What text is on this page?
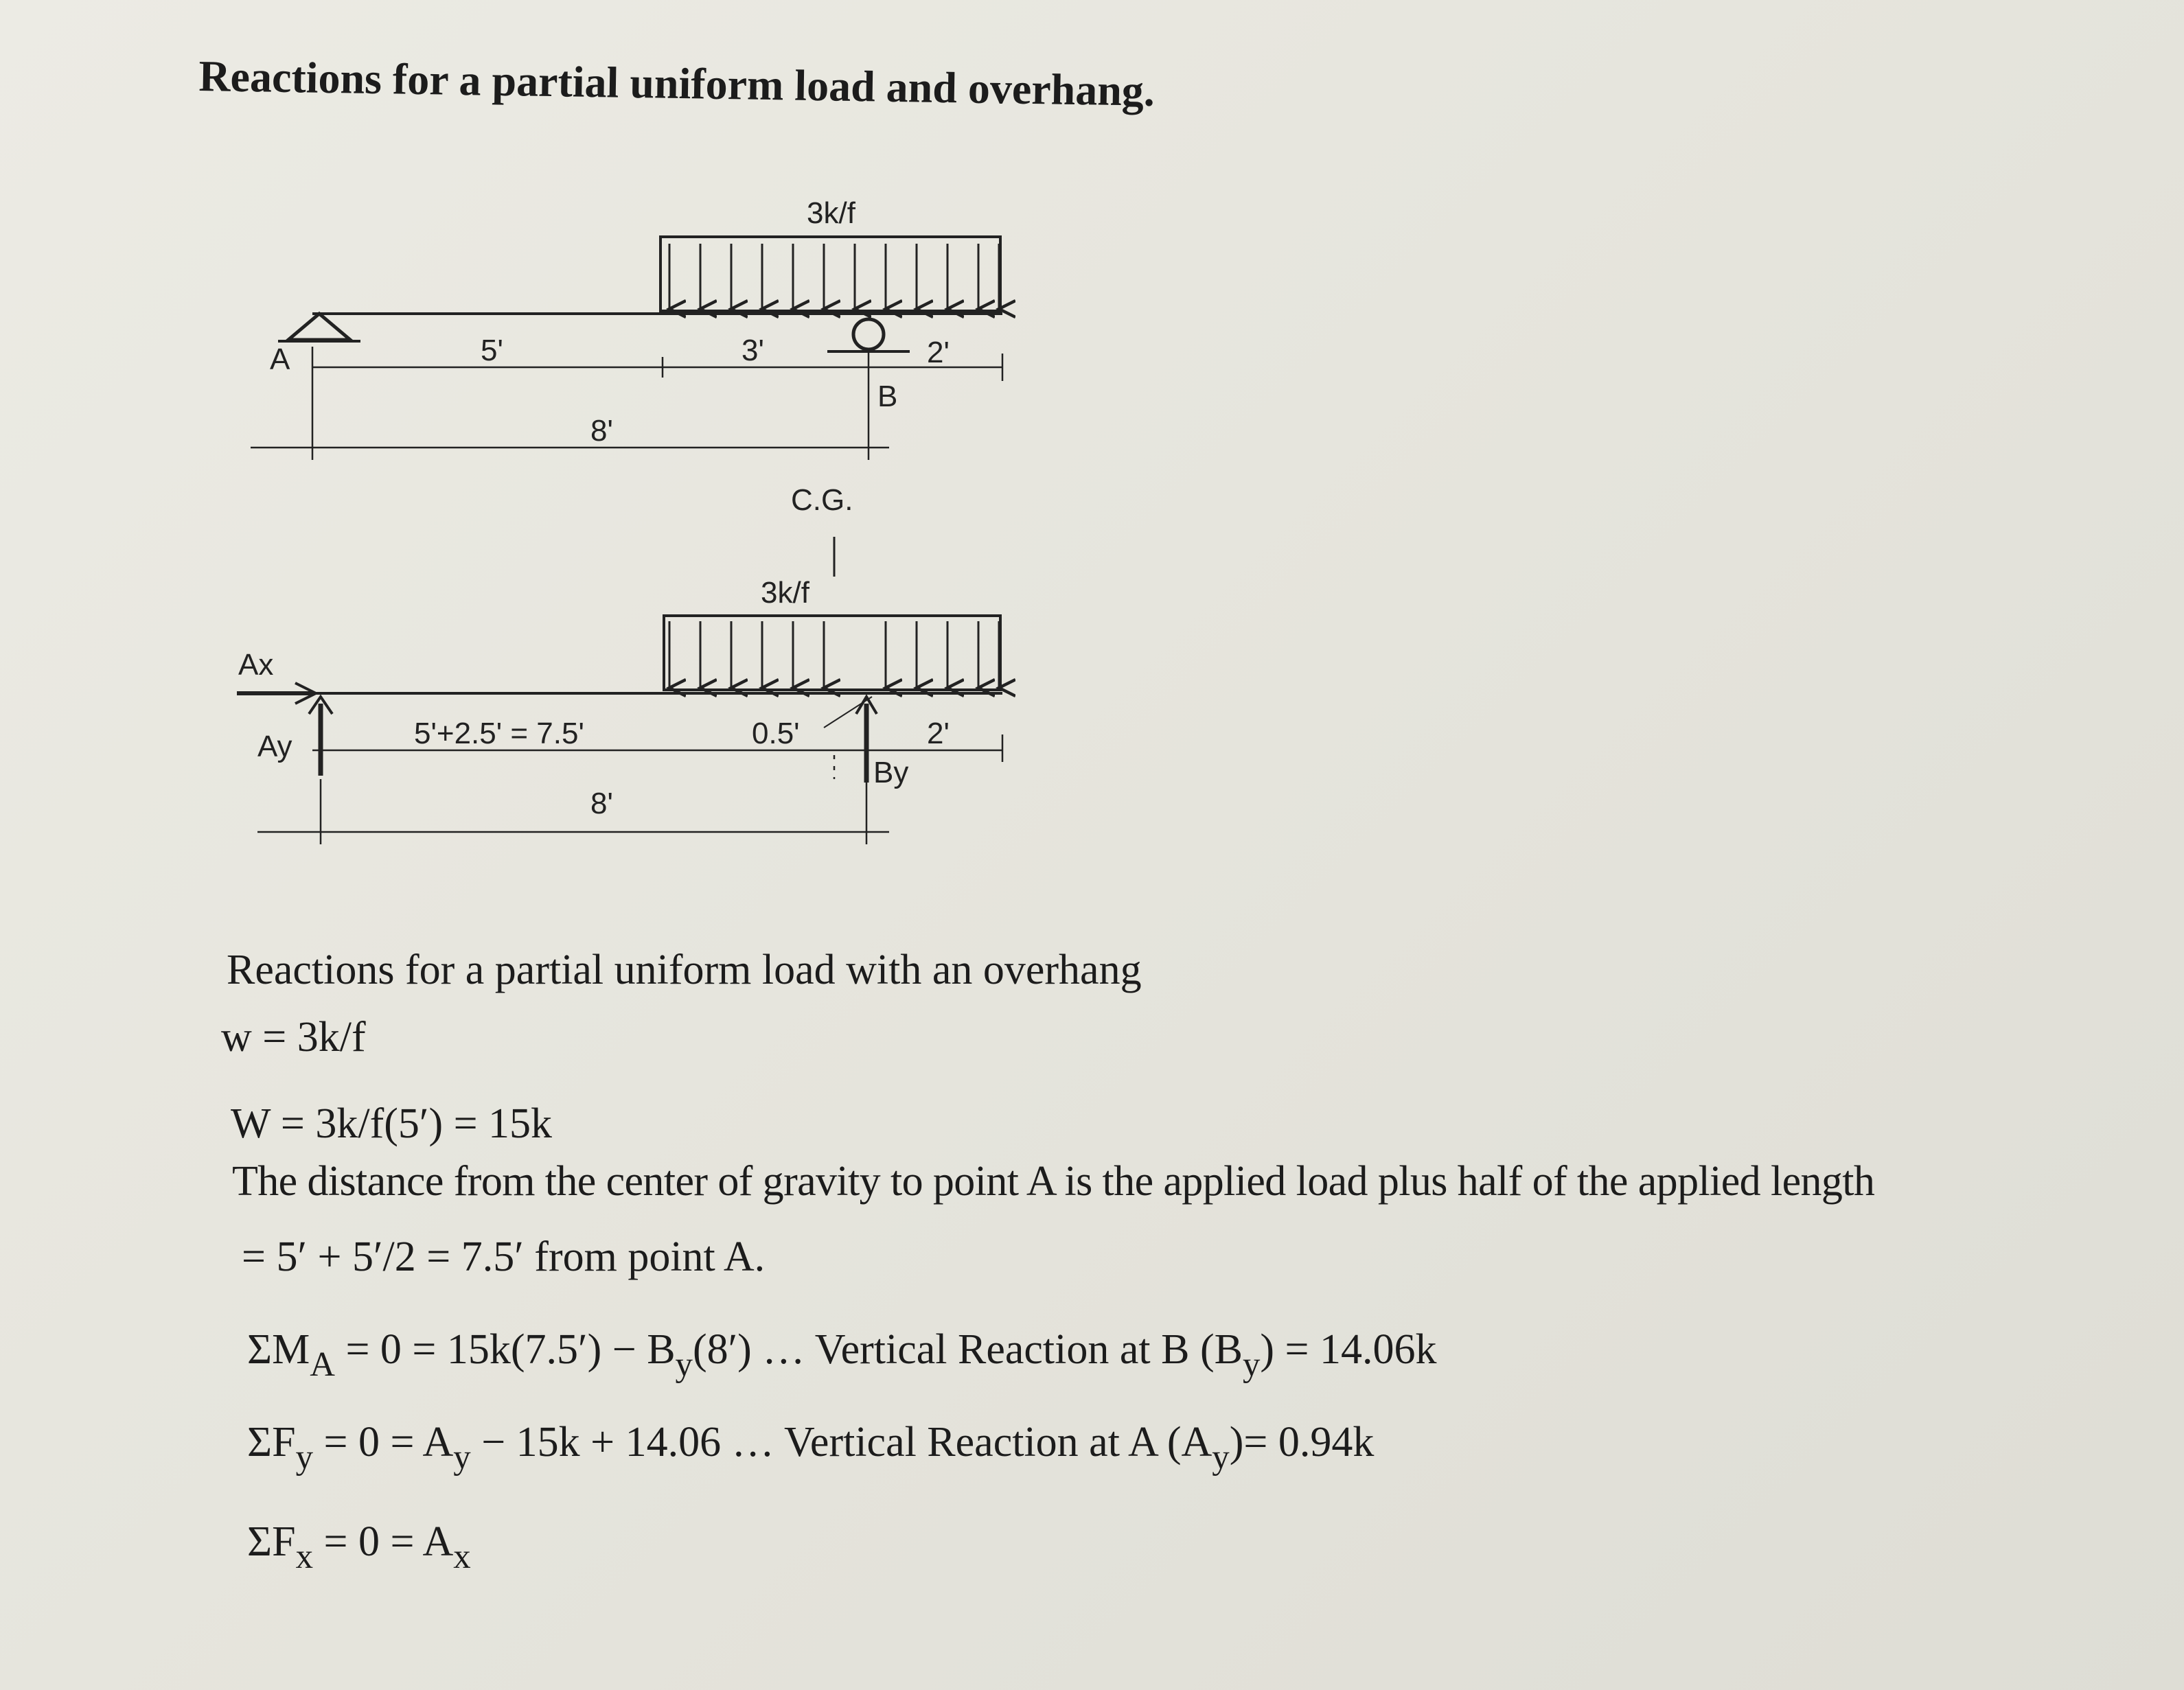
Reactions for a partial uniform load and overhang.
3k/f
A	5'	3'	2'
B
8'
C.G.
3k/f
Ax
Ay	5'+2.5' = 7.5'	0.5'	2'
By
8'
Reactions for a partial uniform load with an overhang
w = 3k/f
W = 3k/f(5′) = 15k
The distance from the center of gravity to point A is the applied load plus half of the applied length
= 5′ + 5′/2 = 7.5′ from point A.
$\Sigma M_A = 0 = 15k(7.5') - B_y(8')$ … Vertical Reaction at B $(B_y) = 14.06k$
$\Sigma F_y = 0 = A_y - 15k + 14.06$ … Vertical Reaction at A $(A_y)= 0.94k$
$\Sigma F_x = 0 = A_x$
